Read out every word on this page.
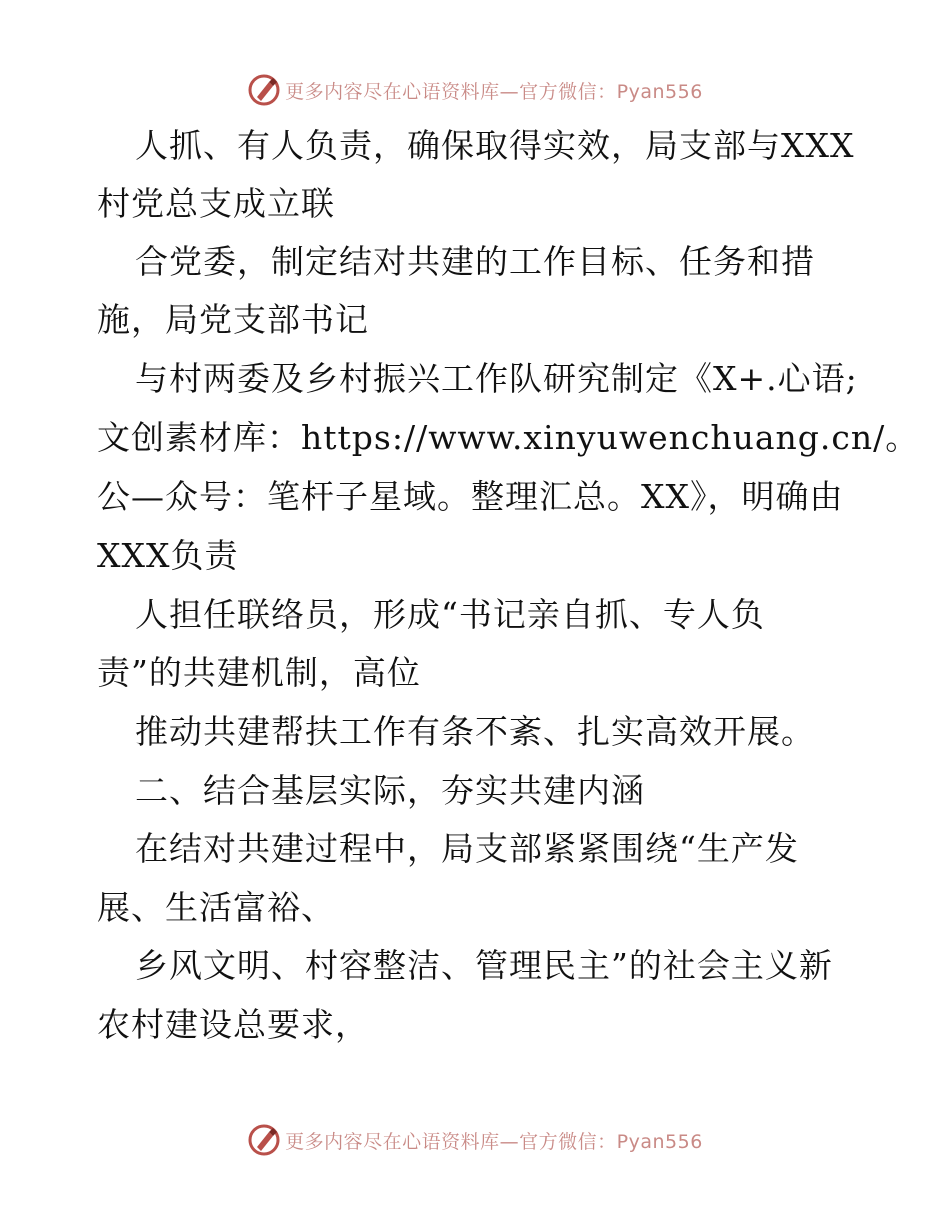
更多内容尽在心语资料库—官方微信：Pyan556
人抓、有人负责，确保取得实效，局支部与XXX
村党总支成立联
合党委，制定结对共建的工作目标、任务和措
施，局党支部书记
与村两委及乡村振兴工作队研究制定《X+.心语;
文创素材库：https://www.xinyuwenchuang.cn/。
公—众号：笔杆子星域。整理汇总。XX》，明确由
XXX负责
人担任联络员，形成“书记亲自抓、专人负
责”的共建机制，高位
推动共建帮扶工作有条不紊、扎实高效开展。
二、结合基层实际，夯实共建内涵
在结对共建过程中，局支部紧紧围绕“生产发
展、生活富裕、
乡风文明、村容整洁、管理民主”的社会主义新
农村建设总要求，
更多内容尽在心语资料库—官方微信：Pyan556
